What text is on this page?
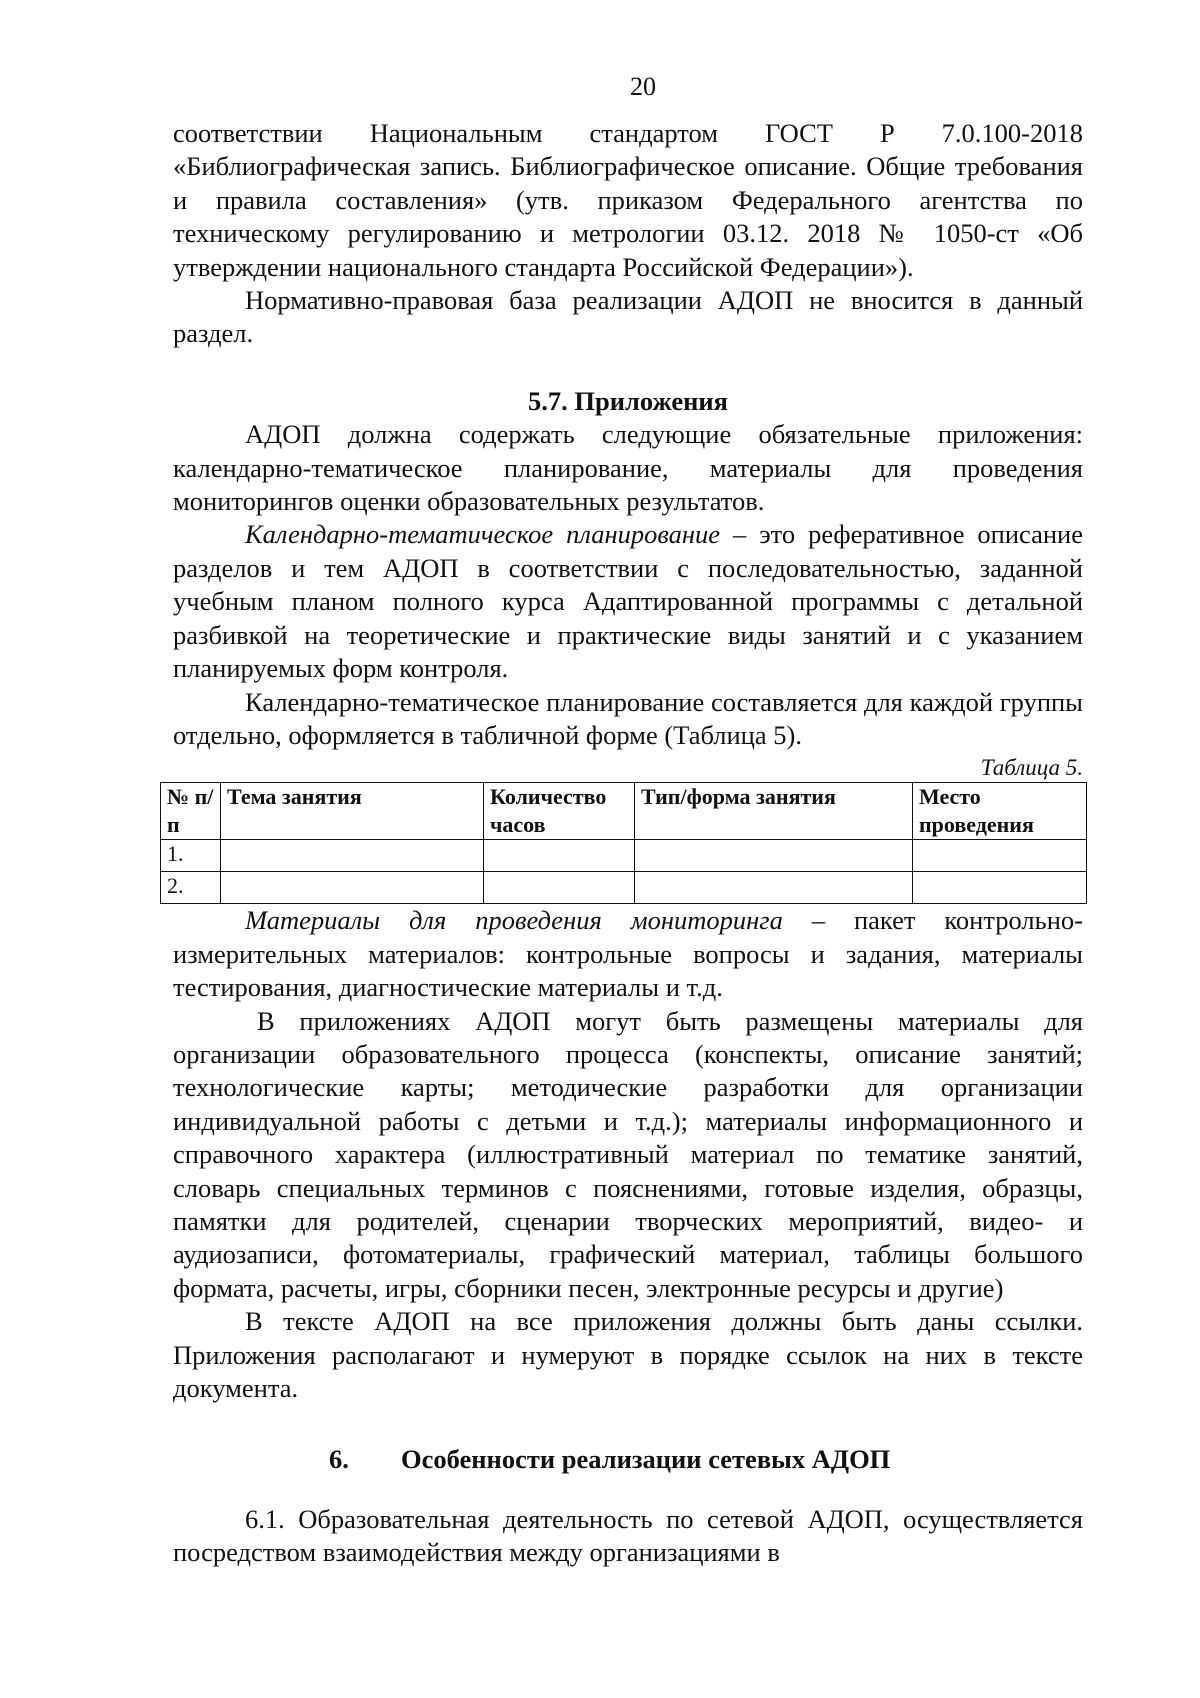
20

соответствии Национальным стандартом ГОСТ Р 7.0.100-2018 «Библиографическая запись. Библиографическое описание. Общие требования и правила составления» (утв. приказом Федерального агентства по техническому регулированию и метрологии 03.12. 2018 № 1050-ст «Об утверждении национального стандарта Российской Федерации»).

Нормативно-правовая база реализации АДОП не вносится в данный раздел.

5.7. Приложения

АДОП должна содержать следующие обязательные приложения: календарно-тематическое планирование, материалы для проведения мониторингов оценки образовательных результатов.

Календарно-тематическое планирование – это реферативное описание разделов и тем АДОП в соответствии с последовательностью, заданной учебным планом полного курса Адаптированной программы с детальной разбивкой на теоретические и практические виды занятий и с указанием планируемых форм контроля.

Календарно-тематическое планирование составляется для каждой группы отдельно, оформляется в табличной форме (Таблица 5).

Таблица 5.
№ п/п	Тема занятия	Количество часов	Тип/форма занятия	Место проведения
1.				
2.				

Материалы для проведения мониторинга – пакет контрольно-измерительных материалов: контрольные вопросы и задания, материалы тестирования, диагностические материалы и т.д.

В приложениях АДОП могут быть размещены материалы для организации образовательного процесса (конспекты, описание занятий; технологические карты; методические разработки для организации индивидуальной работы с детьми и т.д.); материалы информационного и справочного характера (иллюстративный материал по тематике занятий, словарь специальных терминов с пояснениями, готовые изделия, образцы, памятки для родителей, сценарии творческих мероприятий, видео- и аудиозаписи, фотоматериалы, графический материал, таблицы большого формата, расчеты, игры, сборники песен, электронные ресурсы и другие)

В тексте АДОП на все приложения должны быть даны ссылки. Приложения располагают и нумеруют в порядке ссылок на них в тексте документа.

6.	Особенности реализации сетевых АДОП

6.1. Образовательная деятельность по сетевой АДОП, осуществляется посредством взаимодействия между организациями в
